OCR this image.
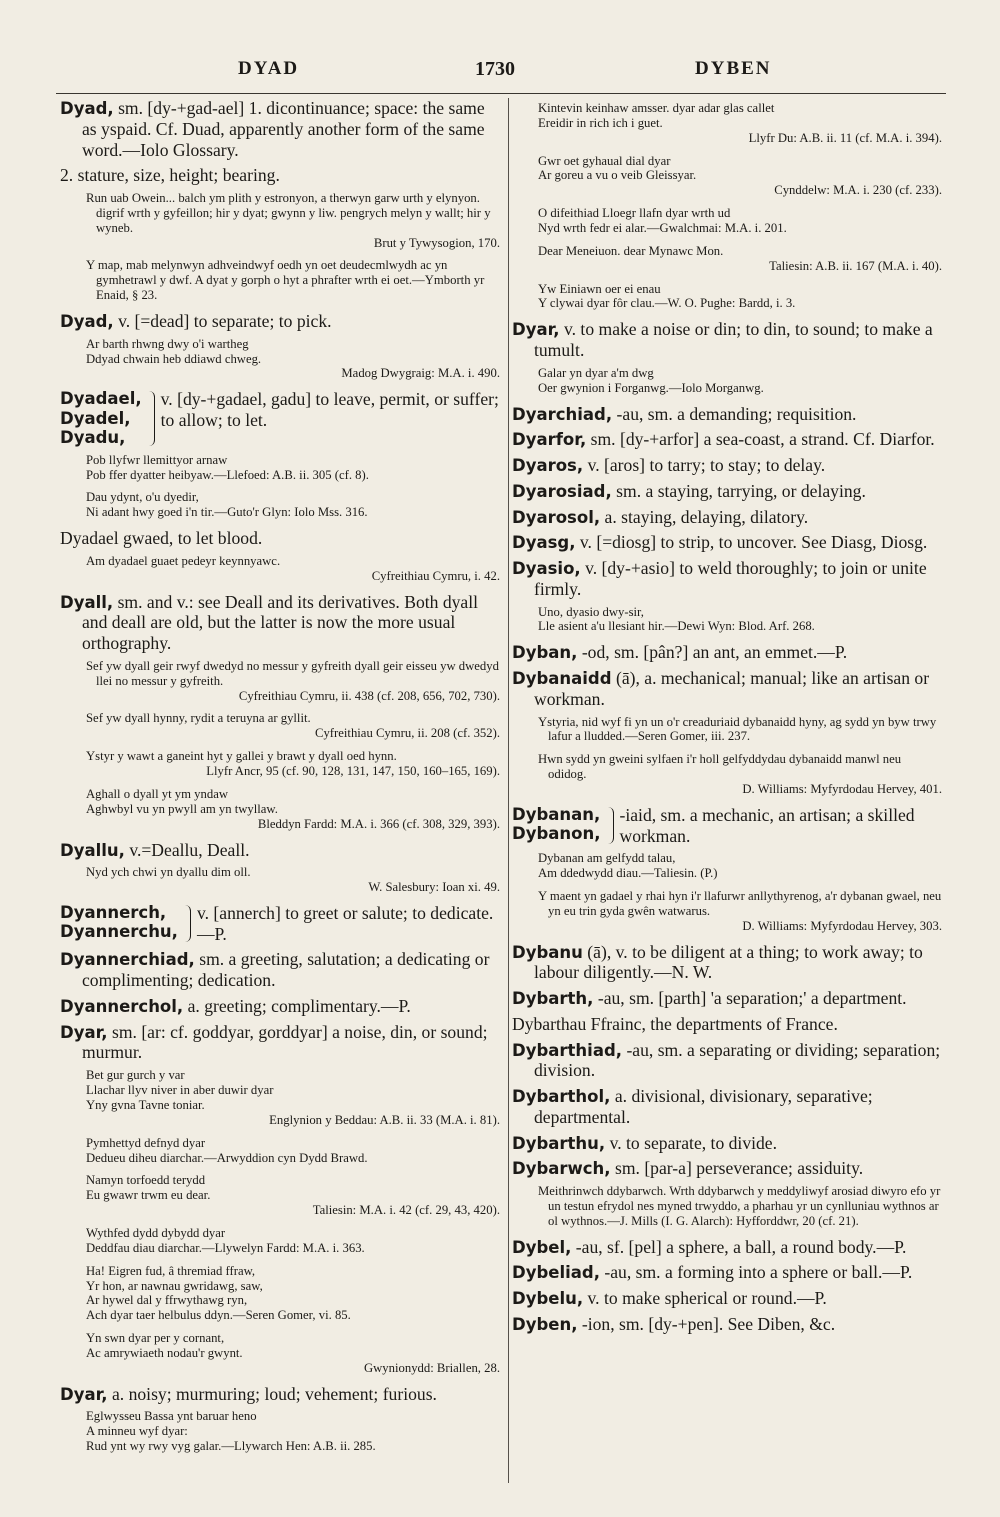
DYAD	1730	DYBEN
Dyad, sm. [dy-+gad-ael] 1. dicontinuance; space: the same as yspaid. Cf. Duad, apparently another form of the same word.—Iolo Glossary.
2. stature, size, height; bearing.
Run uab Owein... balch ym plith y estronyon, a therwyn garw urth y elynyon. digrif wrth y gyfeillon; hir y dyat; gwynn y liw. pengrych melyn y wallt; hir y wyneb.
Brut y Tywysogion, 170.
Y map, mab melynwyn adhveindwyf oedh yn oet deudecmlwydh ac yn gymhetrawl y dwf. A dyat y gorph o hyt a phrafter wrth ei oet.—Ymborth yr Enaid, § 23.
Dyad, v. [=dead] to separate; to pick.
Ar barth rhwng dwy o'i wartheg
Ddyad chwain heb ddiawd chweg.
Madog Dwygraig: M.A. i. 490.
Dyadael,
Dyadel,
Dyadu,
v. [dy-+gadael, gadu] to leave, permit, or suffer; to allow; to let.
Pob llyfwr llemittyor arnaw
Pob ffer dyatter heibyaw.—Llefoed: A.B. ii. 305 (cf. 8).
Dau ydynt, o'u dyedir,
Ni adant hwy goed i'n tir.—Guto'r Glyn: Iolo Mss. 316.
Dyadael gwaed, to let blood.
Am dyadael guaet pedeyr keynnyawc.
Cyfreithiau Cymru, i. 42.
Dyall, sm. and v.: see Deall and its derivatives. Both dyall and deall are old, but the latter is now the more usual orthography.
Sef yw dyall geir rwyf dwedyd no messur y gyfreith dyall geir eisseu yw dwedyd llei no messur y gyfreith.
Cyfreithiau Cymru, ii. 438 (cf. 208, 656, 702, 730).
Sef yw dyall hynny, rydit a teruyna ar gyllit.
Cyfreithiau Cymru, ii. 208 (cf. 352).
Ystyr y wawt a ganeint hyt y gallei y brawt y dyall oed hynn.
Llyfr Ancr, 95 (cf. 90, 128, 131, 147, 150, 160–165, 169).
Aghall o dyall yt ym yndaw
Aghwbyl vu yn pwyll am yn twyllaw.
Bleddyn Fardd: M.A. i. 366 (cf. 308, 329, 393).
Dyallu, v.=Deallu, Deall.
Nyd ych chwi yn dyallu dim oll.
W. Salesbury: Ioan xi. 49.
Dyannerch,
Dyannerchu,
v. [annerch] to greet or salute; to dedicate.—P.
Dyannerchiad, sm. a greeting, salutation; a dedicating or complimenting; dedication.
Dyannerchol, a. greeting; complimentary.—P.
Dyar, sm. [ar: cf. goddyar, gorddyar] a noise, din, or sound; murmur.
Bet gur gurch y var
Llachar llyv niver in aber duwir dyar
Yny gvna Tavne toniar.
Englynion y Beddau: A.B. ii. 33 (M.A. i. 81).
Pymhettyd defnyd dyar
Dedueu diheu diarchar.—Arwyddion cyn Dydd Brawd.
Namyn torfoedd terydd
Eu gwawr trwm eu dear.
Taliesin: M.A. i. 42 (cf. 29, 43, 420).
Wythfed dydd dybydd dyar
Deddfau diau diarchar.—Llywelyn Fardd: M.A. i. 363.
Ha! Eigren fud, â thremiad ffraw,
Yr hon, ar nawnau gwridawg, saw,
Ar hywel dal y ffrwythawg ryn,
Ach dyar taer helbulus ddyn.—Seren Gomer, vi. 85.
Yn swn dyar per y cornant,
Ac amrywiaeth nodau'r gwynt.
Gwynionydd: Briallen, 28.
Dyar, a. noisy; murmuring; loud; vehement; furious.
Eglwysseu Bassa ynt baruar heno
A minneu wyf dyar:
Rud ynt wy rwy vyg galar.—Llywarch Hen: A.B. ii. 285.
Kintevin keinhaw amsser. dyar adar glas callet
Ereidir in rich ich i guet.
Llyfr Du: A.B. ii. 11 (cf. M.A. i. 394).
Gwr oet gyhaual dial dyar
Ar goreu a vu o veib Gleissyar.
Cynddelw: M.A. i. 230 (cf. 233).
O difeithiad Lloegr llafn dyar wrth ud
Nyd wrth fedr ei alar.—Gwalchmai: M.A. i. 201.
Dear Meneiuon. dear Mynawc Mon.
Taliesin: A.B. ii. 167 (M.A. i. 40).
Yw Einiawn oer ei enau
Y clywai dyar fôr clau.—W. O. Pughe: Bardd, i. 3.
Dyar, v. to make a noise or din; to din, to sound; to make a tumult.
Galar yn dyar a'm dwg
Oer gwynion i Forganwg.—Iolo Morganwg.
Dyarchiad, -au, sm. a demanding; requisition.
Dyarfor, sm. [dy-+arfor] a sea-coast, a strand. Cf. Diarfor.
Dyaros, v. [aros] to tarry; to stay; to delay.
Dyarosiad, sm. a staying, tarrying, or delaying.
Dyarosol, a. staying, delaying, dilatory.
Dyasg, v. [=diosg] to strip, to uncover. See Diasg, Diosg.
Dyasio, v. [dy-+asio] to weld thoroughly; to join or unite firmly.
Uno, dyasio dwy-sir,
Lle asient a'u llesiant hir.—Dewi Wyn: Blod. Arf. 268.
Dyban, -od, sm. [pân?] an ant, an emmet.—P.
Dybanaidd (ā), a. mechanical; manual; like an artisan or workman.
Ystyria, nid wyf fi yn un o'r creaduriaid dybanaidd hyny, ag sydd yn byw trwy lafur a lludded.—Seren Gomer, iii. 237.
Hwn sydd yn gweini sylfaen i'r holl gelfyddydau dybanaidd manwl neu odidog.
D. Williams: Myfyrdodau Hervey, 401.
Dybanan,
Dybanon,
-iaid, sm. a mechanic, an artisan; a skilled workman.
Dybanan am gelfydd talau,
Am ddedwydd diau.—Taliesin. (P.)
Y maent yn gadael y rhai hyn i'r llafurwr anllythyrenog, a'r dybanan gwael, neu yn eu trin gyda gwên watwarus.
D. Williams: Myfyrdodau Hervey, 303.
Dybanu (ā), v. to be diligent at a thing; to work away; to labour diligently.—N. W.
Dybarth, -au, sm. [parth] 'a separation;' a department.
Dybarthau Ffrainc, the departments of France.
Dybarthiad, -au, sm. a separating or dividing; separation; division.
Dybarthol, a. divisional, divisionary, separative; departmental.
Dybarthu, v. to separate, to divide.
Dybarwch, sm. [par-a] perseverance; assiduity.
Meithrinwch ddybarwch. Wrth ddybarwch y meddyliwyf arosiad diwyro efo yr un testun efrydol nes myned trwyddo, a pharhau yr un cynlluniau wythnos ar ol wythnos.—J. Mills (I. G. Alarch): Hyfforddwr, 20 (cf. 21).
Dybel, -au, sf. [pel] a sphere, a ball, a round body.—P.
Dybeliad, -au, sm. a forming into a sphere or ball.—P.
Dybelu, v. to make spherical or round.—P.
Dyben, -ion, sm. [dy-+pen]. See Diben, &c.
